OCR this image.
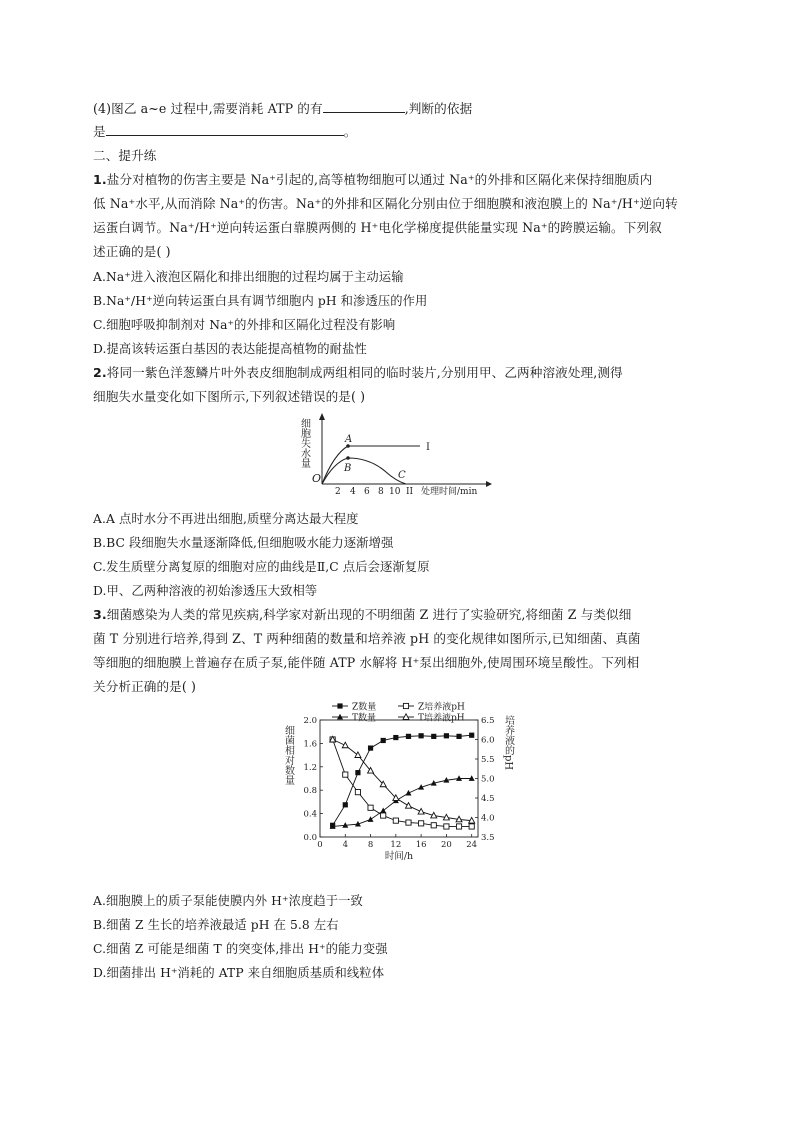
(4)图乙 a~e 过程中,需要消耗 ATP 的有	,判断的依据
是	。
二、提升练
1.盐分对植物的伤害主要是 Na⁺引起的,高等植物细胞可以通过 Na⁺的外排和区隔化来保持细胞质内
低 Na⁺水平,从而消除 Na⁺的伤害。Na⁺的外排和区隔化分别由位于细胞膜和液泡膜上的 Na⁺/H⁺逆向转
运蛋白调节。Na⁺/H⁺逆向转运蛋白靠膜两侧的 H⁺电化学梯度提供能量实现 Na⁺的跨膜运输。下列叙
述正确的是( )
A.Na⁺进入液泡区隔化和排出细胞的过程均属于主动运输
B.Na⁺/H⁺逆向转运蛋白具有调节细胞内 pH 和渗透压的作用
C.细胞呼吸抑制剂对 Na⁺的外排和区隔化过程没有影响
D.提高该转运蛋白基因的表达能提高植物的耐盐性
2.将同一紫色洋葱鳞片叶外表皮细胞制成两组相同的临时装片,分别用甲、乙两种溶液处理,测得
细胞失水量变化如下图所示,下列叙述错误的是( )
细胞失水量
O
A
I
B
C
II
2 4 6 8 10 处理时间/min
A.A 点时水分不再进出细胞,质壁分离达最大程度
B.BC 段细胞失水量逐渐降低,但细胞吸水能力逐渐增强
C.发生质壁分离复原的细胞对应的曲线是Ⅱ,C 点后会逐渐复原
D.甲、乙两种溶液的初始渗透压大致相等
3.细菌感染为人类的常见疾病,科学家对新出现的不明细菌 Z 进行了实验研究,将细菌 Z 与类似细
菌 T 分别进行培养,得到 Z、T 两种细菌的数量和培养液 pH 的变化规律如图所示,已知细菌、真菌
等细胞的细胞膜上普遍存在质子泵,能伴随 ATP 水解将 H⁺泵出细胞外,使周围环境呈酸性。下列相
关分析正确的是( )
0 4 8 12 16 20 24
0.0
0.4
0.8
1.2
1.6
2.0
3.5
4.0
4.5
5.0
5.5
6.0
6.5
时间/h
细菌相对数量	培养液的pH
Z数量	Z培养液pH
T数量	T培养液pH
A.细胞膜上的质子泵能使膜内外 H⁺浓度趋于一致
B.细菌 Z 生长的培养液最适 pH 在 5.8 左右
C.细菌 Z 可能是细菌 T 的突变体,排出 H⁺的能力变强
D.细菌排出 H⁺消耗的 ATP 来自细胞质基质和线粒体
